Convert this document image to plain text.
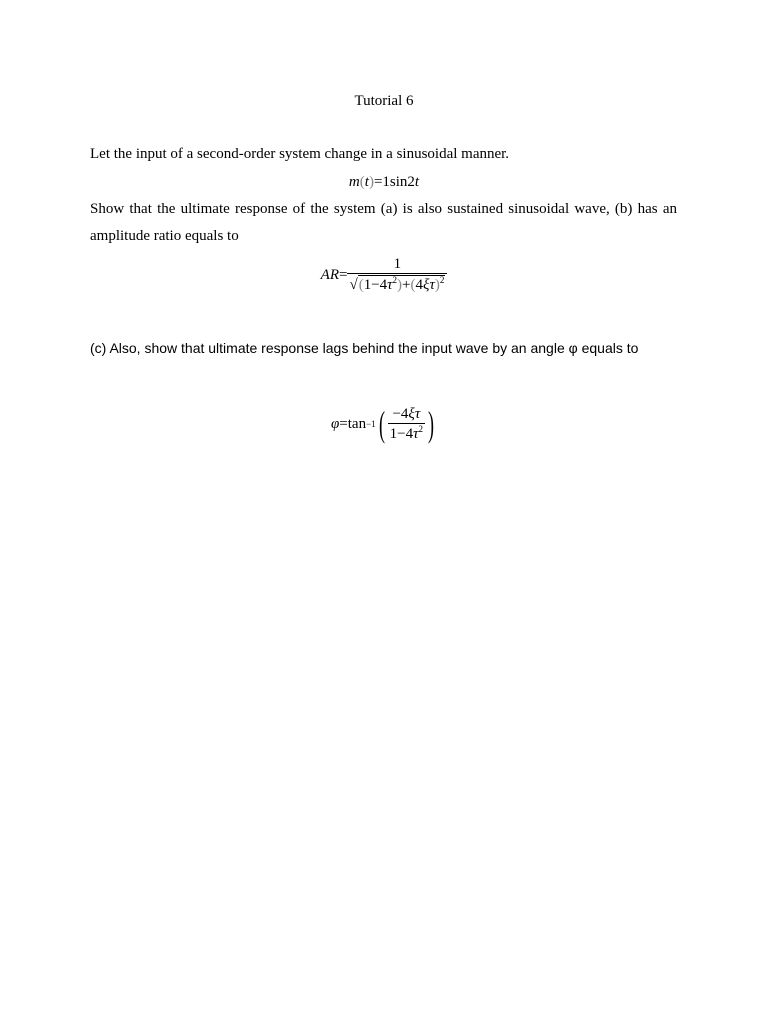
Tutorial 6
Let the input of a second-order system change in a sinusoidal manner.
m ( t ) =1sin2 t
Show that the ultimate response of the system (a) is also sustained sinusoidal wave, (b) has an amplitude ratio equals to
AR = $\frac{1}{√ (1-4\tau^2)+(4\xi\tau)^2}$
(c) Also, show that ultimate response lags behind the input wave by an angle φ equals to
φ = tan −1 ( $\frac{-4\xi\tau}{1-4\tau^2}$ )
